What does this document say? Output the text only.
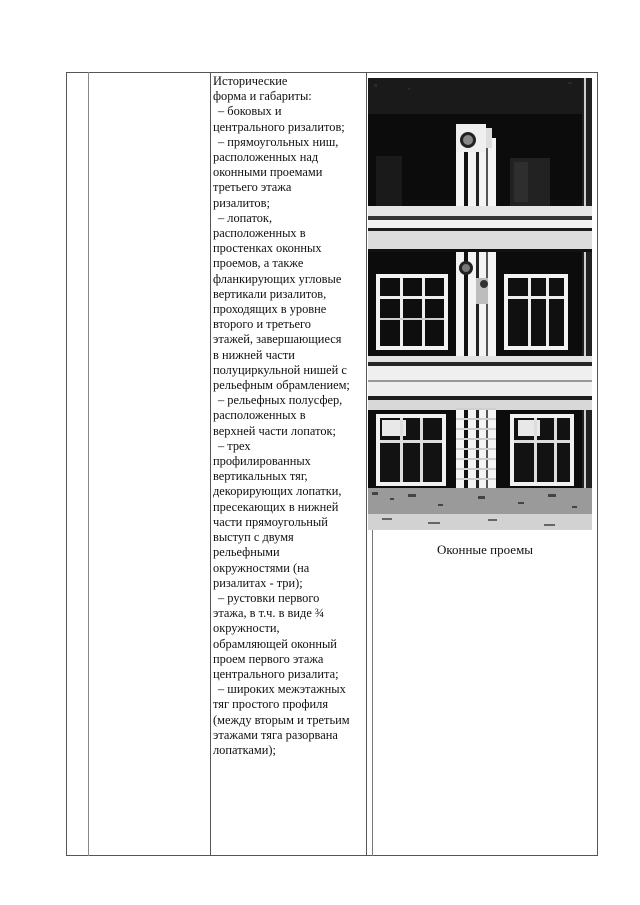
Исторические
форма и габариты:
– боковых и
центрального ризалитов;
– прямоугольных ниш,
расположенных над
оконными проемами
третьего этажа
ризалитов;
– лопаток,
расположенных в
простенках оконных
проемов, а также
фланкирующих угловые
вертикали ризалитов,
проходящих в уровне
второго и третьего
этажей, завершающиеся
в нижней части
полуциркульной нишей с
рельефным обрамлением;
– рельефных полусфер,
расположенных в
верхней части лопаток;
– трех
профилированных
вертикальных тяг,
декорирующих лопатки,
пресекающих в нижней
части прямоугольный
выступ с двумя
рельефными
окружностями (на
ризалитах - три);
– рустовки первого
этажа, в т.ч. в виде ¾
окружности,
обрамляющей оконный
проем первого этажа
центрального ризалита;
– широких межэтажных
тяг простого профиля
(между вторым и третьим
этажами тяга разорвана
лопатками);
Оконные проемы
